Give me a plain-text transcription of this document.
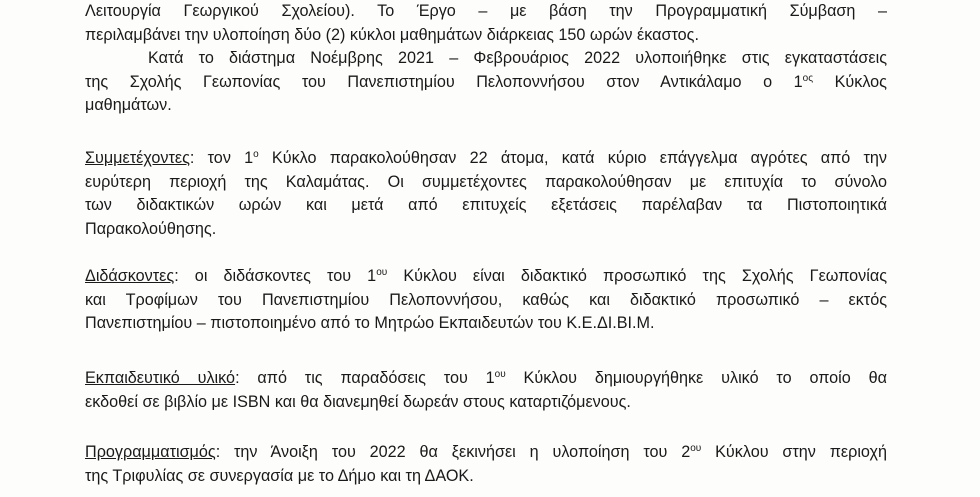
Λειτουργία Γεωργικού Σχολείου). Το Έργο – με βάση την Προγραμματική Σύμβαση –
περιλαμβάνει την υλοποίηση δύο (2) κύκλοι μαθημάτων διάρκειας 150 ωρών έκαστος.
Κατά το διάστημα Νοέμβρης 2021 – Φεβρουάριος 2022 υλοποιήθηκε στις εγκαταστάσεις
της Σχολής Γεωπονίας του Πανεπιστημίου Πελοποννήσου στον Αντικάλαμο ο $1^{o\varsigma}$ Κύκλος
μαθημάτων.
Συμμετέχοντες: τον $1^o$ Κύκλο παρακολούθησαν 22 άτομα, κατά κύριο επάγγελμα αγρότες από την
ευρύτερη περιοχή της Καλαμάτας. Οι συμμετέχοντες παρακολούθησαν με επιτυχία το σύνολο
των διδακτικών ωρών και μετά από επιτυχείς εξετάσεις παρέλαβαν τα Πιστοποιητικά
Παρακολούθησης.
Διδάσκοντες: οι διδάσκοντες του $1^{o\upsilon}$ Κύκλου είναι διδακτικό προσωπικό της Σχολής Γεωπονίας
και Τροφίμων του Πανεπιστημίου Πελοποννήσου, καθώς και διδακτικό προσωπικό – εκτός
Πανεπιστημίου – πιστοποιημένο από το Μητρώο Εκπαιδευτών του Κ.Ε.ΔΙ.ΒΙ.Μ.
Εκπαιδευτικό υλικό: από τις παραδόσεις του $1^{o\upsilon}$ Κύκλου δημιουργήθηκε υλικό το οποίο θα
εκδοθεί σε βιβλίο με ISBN και θα διανεμηθεί δωρεάν στους καταρτιζόμενους.
Προγραμματισμός: την Άνοιξη του 2022 θα ξεκινήσει η υλοποίηση του $2^{o\upsilon}$ Κύκλου στην περιοχή
της Τριφυλίας σε συνεργασία με το Δήμο και τη ΔΑΟΚ.
